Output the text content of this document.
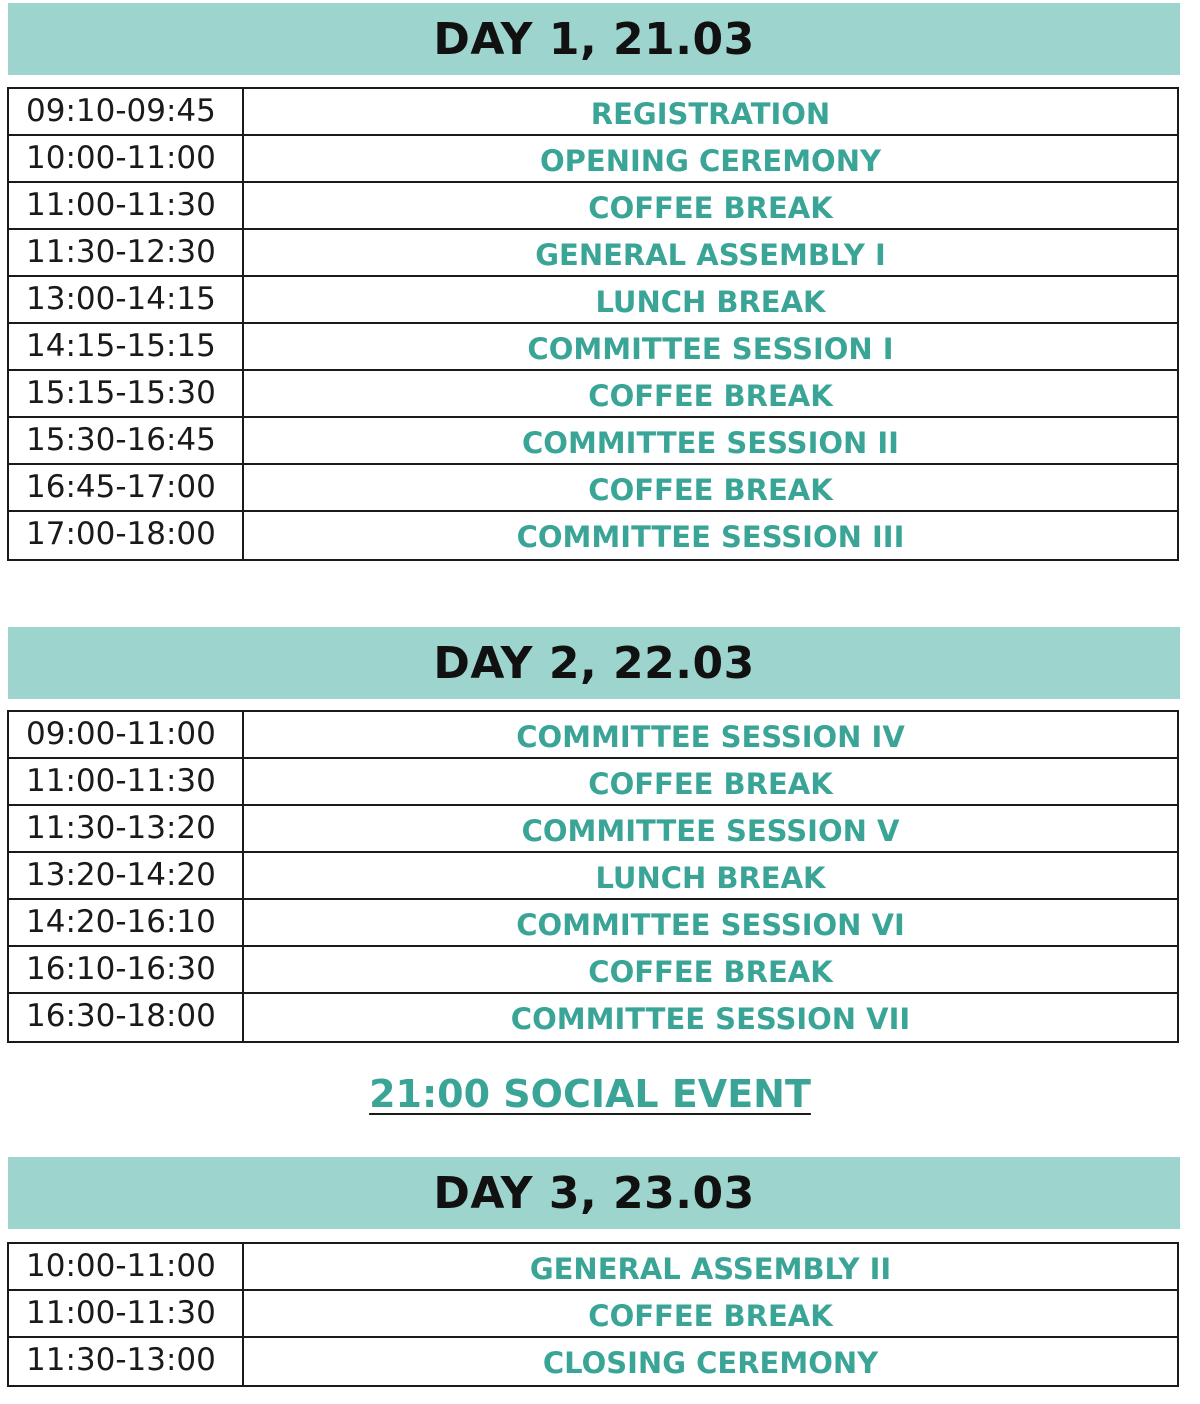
DAY 1, 21.03
09:10-09:45	REGISTRATION
10:00-11:00	OPENING CEREMONY
11:00-11:30	COFFEE BREAK
11:30-12:30	GENERAL ASSEMBLY I
13:00-14:15	LUNCH BREAK
14:15-15:15	COMMITTEE SESSION I
15:15-15:30	COFFEE BREAK
15:30-16:45	COMMITTEE SESSION II
16:45-17:00	COFFEE BREAK
17:00-18:00	COMMITTEE SESSION III
DAY 2, 22.03
09:00-11:00	COMMITTEE SESSION IV
11:00-11:30	COFFEE BREAK
11:30-13:20	COMMITTEE SESSION V
13:20-14:20	LUNCH BREAK
14:20-16:10	COMMITTEE SESSION VI
16:10-16:30	COFFEE BREAK
16:30-18:00	COMMITTEE SESSION VII
21:00 SOCIAL EVENT
DAY 3, 23.03
10:00-11:00	GENERAL ASSEMBLY II
11:00-11:30	COFFEE BREAK
11:30-13:00	CLOSING CEREMONY
